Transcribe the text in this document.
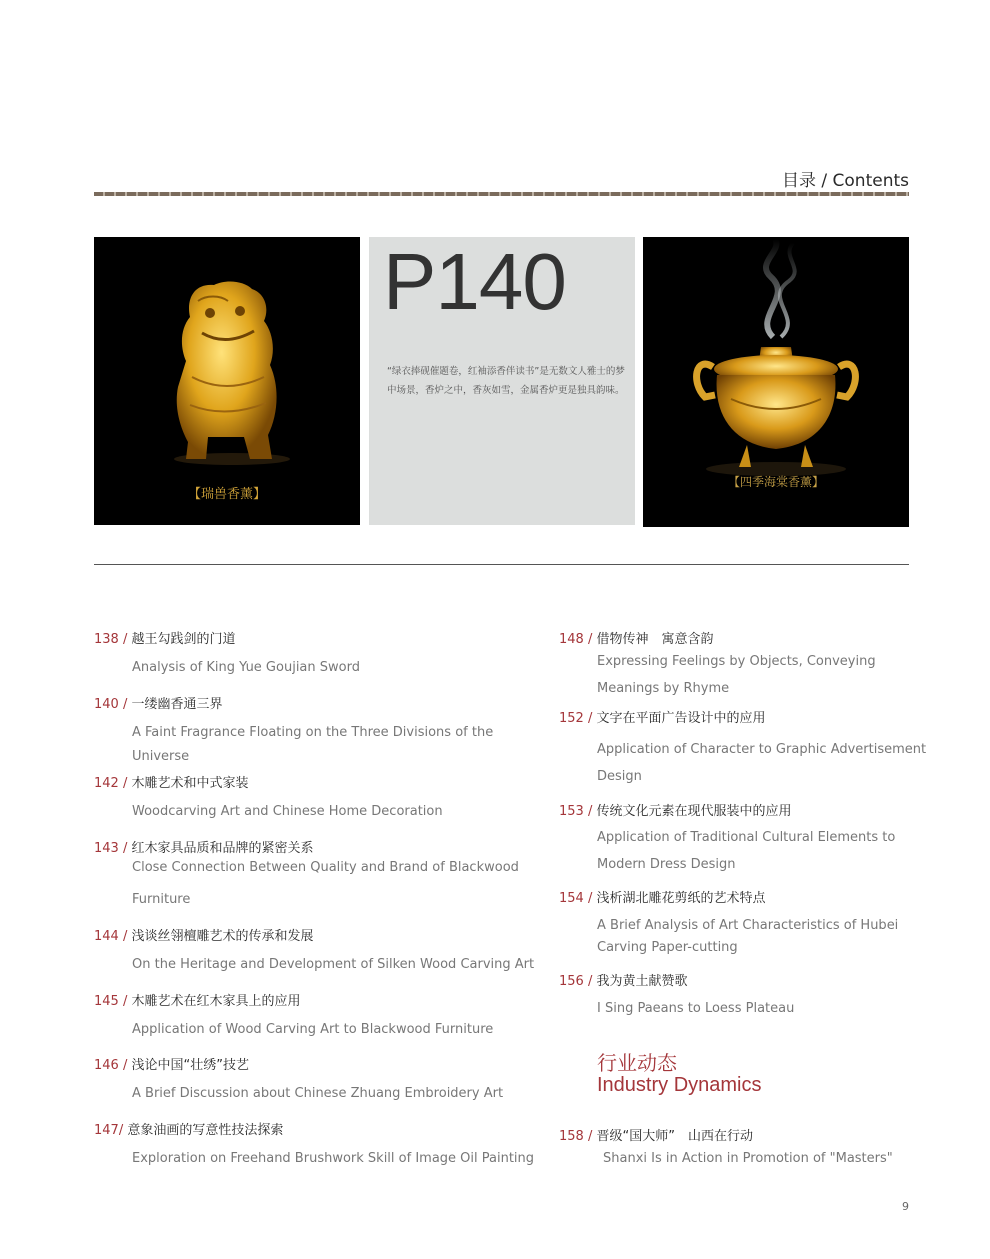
目录 / Contents
【瑞兽香薰】
P140
“绿衣捧砚催题卷，红袖添香伴读书”是无数文人雅士的梦中场景，香炉之中，香灰如雪，金属香炉更是独具韵味。
【四季海棠香薰】
138 / 越王勾践剑的门道
Analysis of King Yue Goujian Sword
140 / 一缕幽香通三界
A Faint Fragrance Floating on the Three Divisions of the
Universe
142 / 木雕艺术和中式家装
Woodcarving Art and Chinese Home Decoration
143 / 红木家具品质和品牌的紧密关系
Close Connection Between Quality and Brand of Blackwood
Furniture
144 / 浅谈丝翎檀雕艺术的传承和发展
On the Heritage and Development of Silken Wood Carving Art
145 / 木雕艺术在红木家具上的应用
Application of Wood Carving Art to Blackwood Furniture
146 / 浅论中国“壮绣”技艺
A Brief Discussion about Chinese Zhuang Embroidery Art
147/ 意象油画的写意性技法探索
Exploration on Freehand Brushwork Skill of Image Oil Painting
148 / 借物传神　寓意含韵
Expressing Feelings by Objects, Conveying
Meanings by Rhyme
152 / 文字在平面广告设计中的应用
Application of Character to Graphic Advertisement
Design
153 / 传统文化元素在现代服装中的应用
Application of Traditional Cultural Elements to
Modern Dress Design
154 / 浅析湖北雕花剪纸的艺术特点
A Brief Analysis of Art Characteristics of Hubei
Carving Paper-cutting
156 / 我为黄土献赞歌
I Sing Paeans to Loess Plateau
行业动态
Industry Dynamics
158 / 晋级“国大师”　山西在行动
Shanxi Is in Action in Promotion of "Masters"
9
